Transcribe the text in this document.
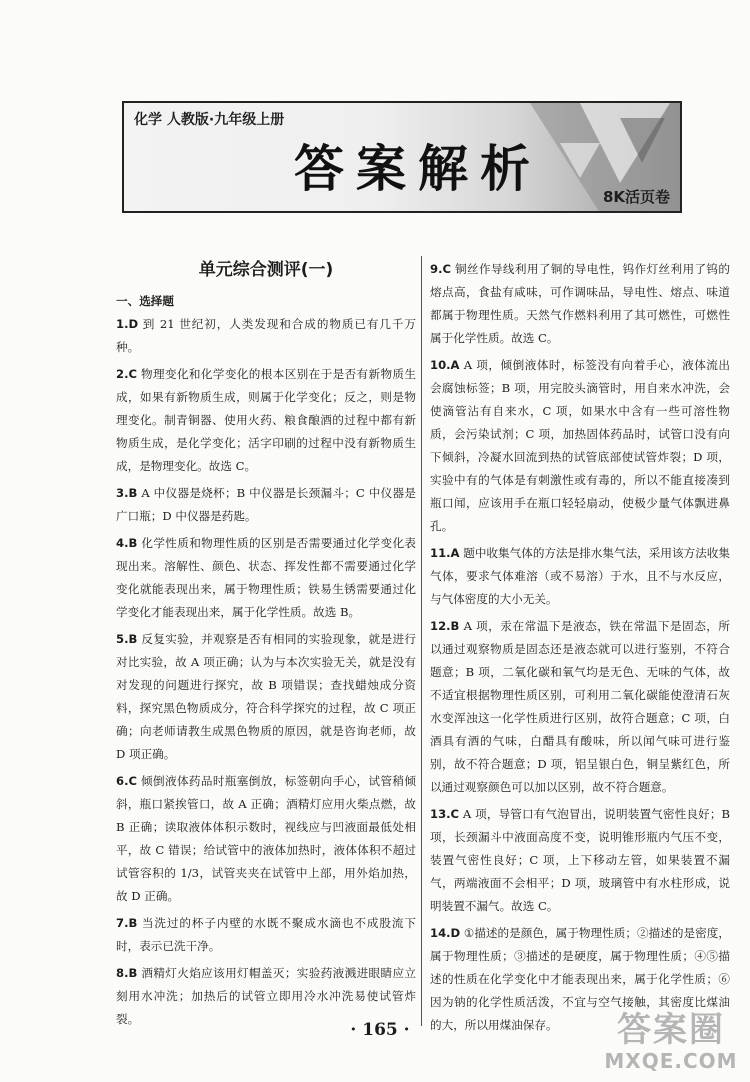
化学 人教版·九年级上册
答案解析	8K活页卷
单元综合测评(一)
一、选择题
1.D 到 21 世纪初，人类发现和合成的物质已有几千万种。
2.C 物理变化和化学变化的根本区别在于是否有新物质生成，如果有新物质生成，则属于化学变化；反之，则是物理变化。制青铜器、使用火药、粮食酿酒的过程中都有新物质生成，是化学变化；活字印刷的过程中没有新物质生成，是物理变化。故选 C。
3.B A 中仪器是烧杯；B 中仪器是长颈漏斗；C 中仪器是广口瓶；D 中仪器是药匙。
4.B 化学性质和物理性质的区别是否需要通过化学变化表现出来。溶解性、颜色、状态、挥发性都不需要通过化学变化就能表现出来，属于物理性质；铁易生锈需要通过化学变化才能表现出来，属于化学性质。故选 B。
5.B 反复实验，并观察是否有相同的实验现象，就是进行对比实验，故 A 项正确；认为与本次实验无关，就是没有对发现的问题进行探究，故 B 项错误；查找蜡烛成分资料，探究黑色物质成分，符合科学探究的过程，故 C 项正确；向老师请教生成黑色物质的原因，就是咨询老师，故 D 项正确。
6.C 倾倒液体药品时瓶塞倒放，标签朝向手心，试管稍倾斜，瓶口紧挨管口，故 A 正确；酒精灯应用火柴点燃，故 B 正确；读取液体体积示数时，视线应与凹液面最低处相平，故 C 错误；给试管中的液体加热时，液体体积不超过试管容积的 1/3，试管夹夹在试管中上部，用外焰加热，故 D 正确。
7.B 当洗过的杯子内壁的水既不聚成水滴也不成股流下时，表示已洗干净。
8.B 酒精灯火焰应该用灯帽盖灭；实验药液溅进眼睛应立刻用水冲洗；加热后的试管立即用冷水冲洗易使试管炸裂。
9.C 铜丝作导线利用了铜的导电性，钨作灯丝利用了钨的熔点高，食盐有咸味，可作调味品，导电性、熔点、味道都属于物理性质。天然气作燃料利用了其可燃性，可燃性属于化学性质。故选 C。
10.A A 项，倾倒液体时，标签没有向着手心，液体流出会腐蚀标签；B 项，用完胶头滴管时，用自来水冲洗，会使滴管沾有自来水，C 项，如果水中含有一些可溶性物质，会污染试剂；C 项，加热固体药品时，试管口没有向下倾斜，冷凝水回流到热的试管底部使试管炸裂；D 项，实验中有的气体是有刺激性或有毒的，所以不能直接凑到瓶口闻，应该用手在瓶口轻轻扇动，使极少量气体飘进鼻孔。
11.A 题中收集气体的方法是排水集气法，采用该方法收集气体，要求气体难溶（或不易溶）于水，且不与水反应，与气体密度的大小无关。
12.B A 项，汞在常温下是液态，铁在常温下是固态，所以通过观察物质是固态还是液态就可以进行鉴别，不符合题意；B 项，二氧化碳和氧气均是无色、无味的气体，故不适宜根据物理性质区别，可利用二氧化碳能使澄清石灰水变浑浊这一化学性质进行区别，故符合题意；C 项，白酒具有酒的气味，白醋具有酸味，所以闻气味可进行鉴别，故不符合题意；D 项，铝呈银白色，铜呈紫红色，所以通过观察颜色可以加以区别，故不符合题意。
13.C A 项，导管口有气泡冒出，说明装置气密性良好；B 项，长颈漏斗中液面高度不变，说明锥形瓶内气压不变，装置气密性良好；C 项，上下移动左管，如果装置不漏气，两端液面不会相平；D 项，玻璃管中有水柱形成，说明装置不漏气。故选 C。
14.D ①描述的是颜色，属于物理性质；②描述的是密度，属于物理性质；③描述的是硬度，属于物理性质；④⑤描述的性质在化学变化中才能表现出来，属于化学性质；⑥因为钠的化学性质活泼，不宜与空气接触，其密度比煤油的大，所以用煤油保存。
· 165 ·	答案圈
MXQE.COM
